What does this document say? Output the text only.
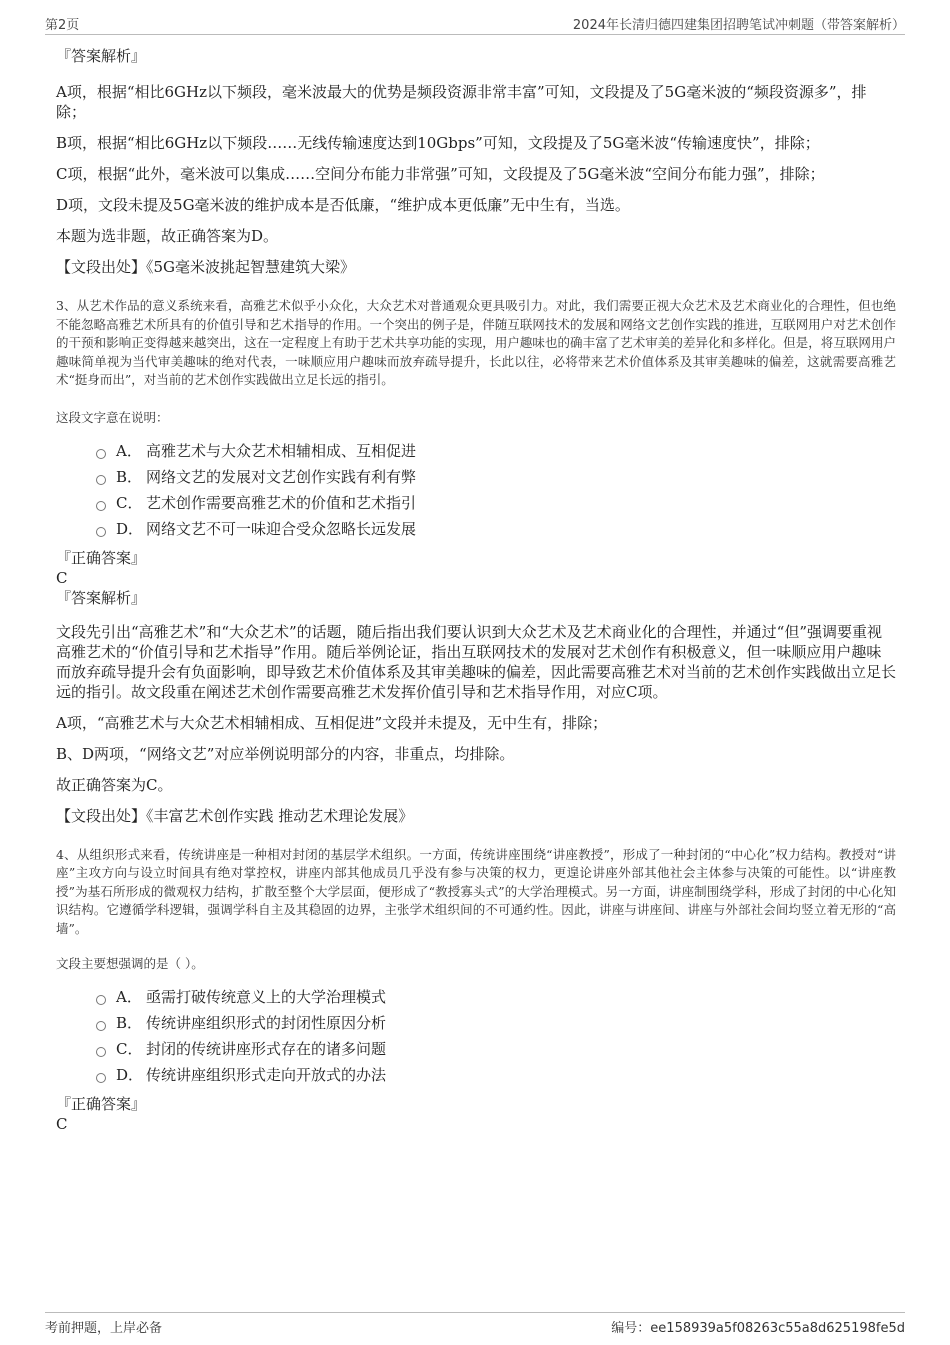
第2页	2024年长清归德四建集团招聘笔试冲刺题（带答案解析）

『答案解析』

A项，根据“相比6GHz以下频段，毫米波最大的优势是频段资源非常丰富”可知，文段提及了5G毫米波的“频段资源多”，排除；

B项，根据“相比6GHz以下频段……无线传输速度达到10Gbps”可知，文段提及了5G毫米波“传输速度快”，排除；

C项，根据“此外，毫米波可以集成……空间分布能力非常强”可知，文段提及了5G毫米波“空间分布能力强”，排除；

D项，文段未提及5G毫米波的维护成本是否低廉，“维护成本更低廉”无中生有，当选。

本题为选非题，故正确答案为D。

【文段出处】《5G毫米波挑起智慧建筑大梁》

3、从艺术作品的意义系统来看，高雅艺术似乎小众化，大众艺术对普通观众更具吸引力。对此，我们需要正视大众艺术及艺术商业化的合理性，但也绝不能忽略高雅艺术所具有的价值引导和艺术指导的作用。一个突出的例子是，伴随互联网技术的发展和网络文艺创作实践的推进，互联网用户对艺术创作的干预和影响正变得越来越突出，这在一定程度上有助于艺术共享功能的实现，用户趣味也的确丰富了艺术审美的差异化和多样化。但是，将互联网用户趣味简单视为当代审美趣味的绝对代表，一味顺应用户趣味而放弃疏导提升，长此以往，必将带来艺术价值体系及其审美趣味的偏差，这就需要高雅艺术“挺身而出”，对当前的艺术创作实践做出立足长远的指引。

这段文字意在说明：

A． 高雅艺术与大众艺术相辅相成、互相促进
B． 网络文艺的发展对文艺创作实践有利有弊
C． 艺术创作需要高雅艺术的价值和艺术指引
D． 网络文艺不可一味迎合受众忽略长远发展

『正确答案』

C

『答案解析』

文段先引出“高雅艺术”和“大众艺术”的话题，随后指出我们要认识到大众艺术及艺术商业化的合理性，并通过“但”强调要重视高雅艺术的“价值引导和艺术指导”作用。随后举例论证，指出互联网技术的发展对艺术创作有积极意义，但一味顺应用户趣味而放弃疏导提升会有负面影响，即导致艺术价值体系及其审美趣味的偏差，因此需要高雅艺术对当前的艺术创作实践做出立足长远的指引。故文段重在阐述艺术创作需要高雅艺术发挥价值引导和艺术指导作用，对应C项。

A项，“高雅艺术与大众艺术相辅相成、互相促进”文段并未提及，无中生有，排除；

B、D两项，“网络文艺”对应举例说明部分的内容，非重点，均排除。

故正确答案为C。

【文段出处】《丰富艺术创作实践 推动艺术理论发展》

4、从组织形式来看，传统讲座是一种相对封闭的基层学术组织。一方面，传统讲座围绕“讲座教授”，形成了一种封闭的“中心化”权力结构。教授对“讲座”主攻方向与设立时间具有绝对掌控权，讲座内部其他成员几乎没有参与决策的权力，更遑论讲座外部其他社会主体参与决策的可能性。以“讲座教授”为基石所形成的微观权力结构，扩散至整个大学层面，便形成了“教授寡头式”的大学治理模式。另一方面，讲座制围绕学科，形成了封闭的中心化知识结构。它遵循学科逻辑，强调学科自主及其稳固的边界，主张学术组织间的不可通约性。因此，讲座与讲座间、讲座与外部社会间均竖立着无形的“高墙”。

文段主要想强调的是（ ）。

A． 亟需打破传统意义上的大学治理模式
B． 传统讲座组织形式的封闭性原因分析
C． 封闭的传统讲座形式存在的诸多问题
D． 传统讲座组织形式走向开放式的办法

『正确答案』

C

考前押题，上岸必备	编号：ee158939a5f08263c55a8d625198fe5d
